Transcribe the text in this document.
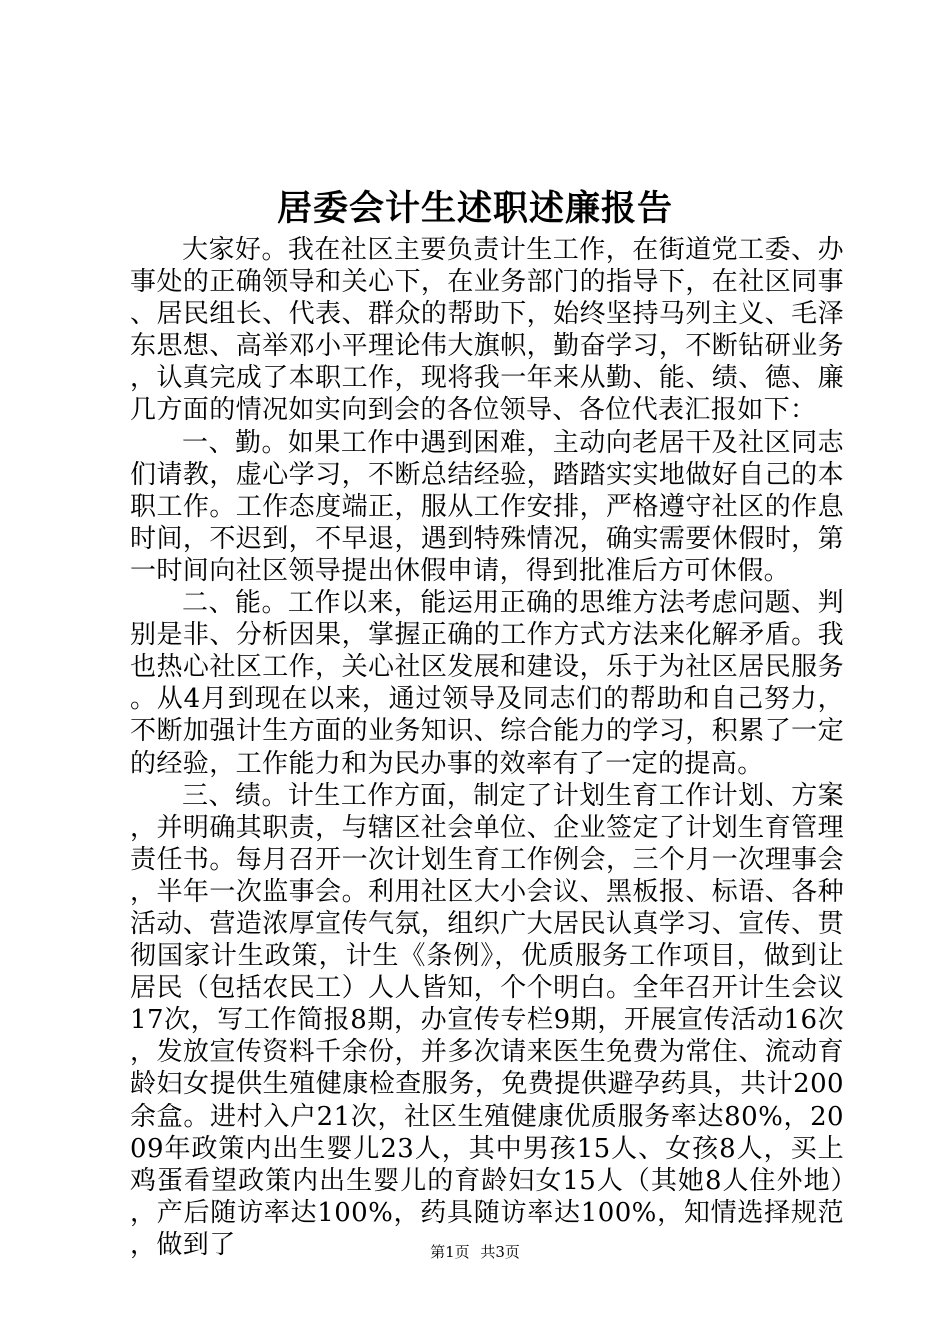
居委会计生述职述廉报告

大家好。我在社区主要负责计生工作，在街道党工委、办事处的正确领导和关心下，在业务部门的指导下，在社区同事、居民组长、代表、群众的帮助下，始终坚持马列主义、毛泽东思想、高举邓小平理论伟大旗帜，勤奋学习，不断钻研业务，认真完成了本职工作，现将我一年来从勤、能、绩、德、廉几方面的情况如实向到会的各位领导、各位代表汇报如下：

一、勤。如果工作中遇到困难，主动向老居干及社区同志们请教，虚心学习，不断总结经验，踏踏实实地做好自己的本职工作。工作态度端正，服从工作安排，严格遵守社区的作息时间，不迟到，不早退，遇到特殊情况，确实需要休假时，第一时间向社区领导提出休假申请，得到批准后方可休假。

二、能。工作以来，能运用正确的思维方法考虑问题、判别是非、分析因果，掌握正确的工作方式方法来化解矛盾。我也热心社区工作，关心社区发展和建设，乐于为社区居民服务。从4月到现在以来，通过领导及同志们的帮助和自己努力，不断加强计生方面的业务知识、综合能力的学习，积累了一定的经验，工作能力和为民办事的效率有了一定的提高。

三、绩。计生工作方面，制定了计划生育工作计划、方案，并明确其职责，与辖区社会单位、企业签定了计划生育管理责任书。每月召开一次计划生育工作例会，三个月一次理事会，半年一次监事会。利用社区大小会议、黑板报、标语、各种活动、营造浓厚宣传气氛，组织广大居民认真学习、宣传、贯彻国家计生政策，计生《条例》，优质服务工作项目，做到让居民（包括农民工）人人皆知，个个明白。全年召开计生会议17次，写工作简报8期，办宣传专栏9期，开展宣传活动16次，发放宣传资料千余份，并多次请来医生免费为常住、流动育龄妇女提供生殖健康检查服务，免费提供避孕药具，共计200余盒。进村入户21次，社区生殖健康优质服务率达80%，2009年政策内出生婴儿23人，其中男孩15人、女孩8人，买上鸡蛋看望政策内出生婴儿的育龄妇女15人（其她8人住外地），产后随访率达100%，药具随访率达100%，知情选择规范，做到了	第1页 共3页
